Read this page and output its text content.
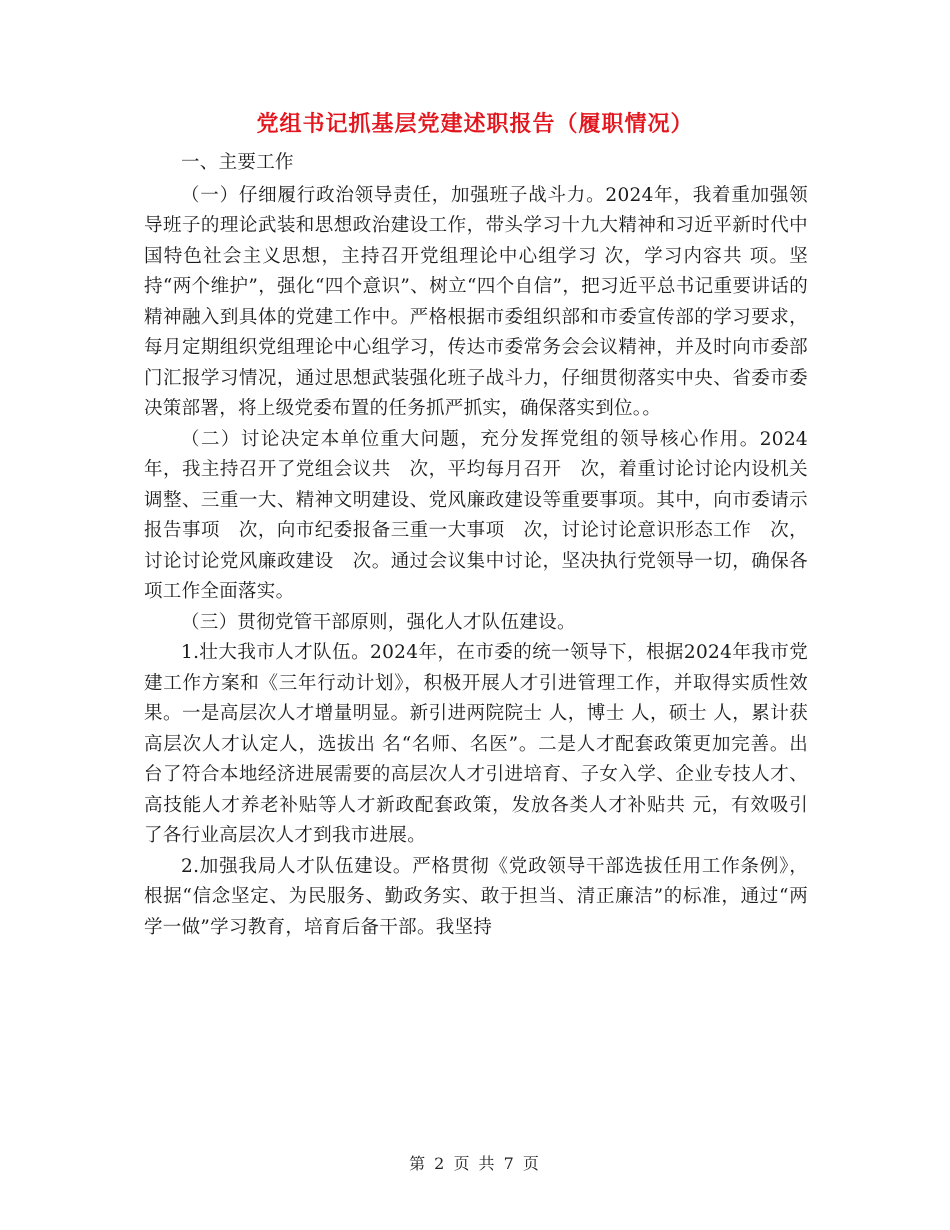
党组书记抓基层党建述职报告（履职情况）

一、主要工作

（一）仔细履行政治领导责任，加强班子战斗力。2024年，我着重加强领导班子的理论武装和思想政治建设工作，带头学习十九大精神和习近平新时代中国特色社会主义思想，主持召开党组理论中心组学习 次，学习内容共 项。坚持“两个维护”，强化“四个意识”、树立“四个自信”，把习近平总书记重要讲话的精神融入到具体的党建工作中。严格根据市委组织部和市委宣传部的学习要求，每月定期组织党组理论中心组学习，传达市委常务会会议精神，并及时向市委部门汇报学习情况，通过思想武装强化班子战斗力，仔细贯彻落实中央、省委市委决策部署，将上级党委布置的任务抓严抓实，确保落实到位。。

（二）讨论决定本单位重大问题，充分发挥党组的领导核心作用。2024年，我主持召开了党组会议共　次，平均每月召开　次，着重讨论讨论内设机关调整、三重一大、精神文明建设、党风廉政建设等重要事项。其中，向市委请示报告事项　次，向市纪委报备三重一大事项　次，讨论讨论意识形态工作　次，讨论讨论党风廉政建设　次。通过会议集中讨论，坚决执行党领导一切，确保各项工作全面落实。

（三）贯彻党管干部原则，强化人才队伍建设。

1.壮大我市人才队伍。2024年，在市委的统一领导下，根据2024年我市党建工作方案和《三年行动计划》，积极开展人才引进管理工作，并取得实质性效果。一是高层次人才增量明显。新引进两院院士 人，博士 人，硕士 人，累计获高层次人才认定人，选拔出 名“名师、名医”。二是人才配套政策更加完善。出台了符合本地经济进展需要的高层次人才引进培育、子女入学、企业专技人才、高技能人才养老补贴等人才新政配套政策，发放各类人才补贴共 元，有效吸引了各行业高层次人才到我市进展。

2.加强我局人才队伍建设。严格贯彻《党政领导干部选拔任用工作条例》，根据“信念坚定、为民服务、勤政务实、敢于担当、清正廉洁”的标准，通过“两学一做”学习教育，培育后备干部。我坚持

第 2 页 共 7 页
